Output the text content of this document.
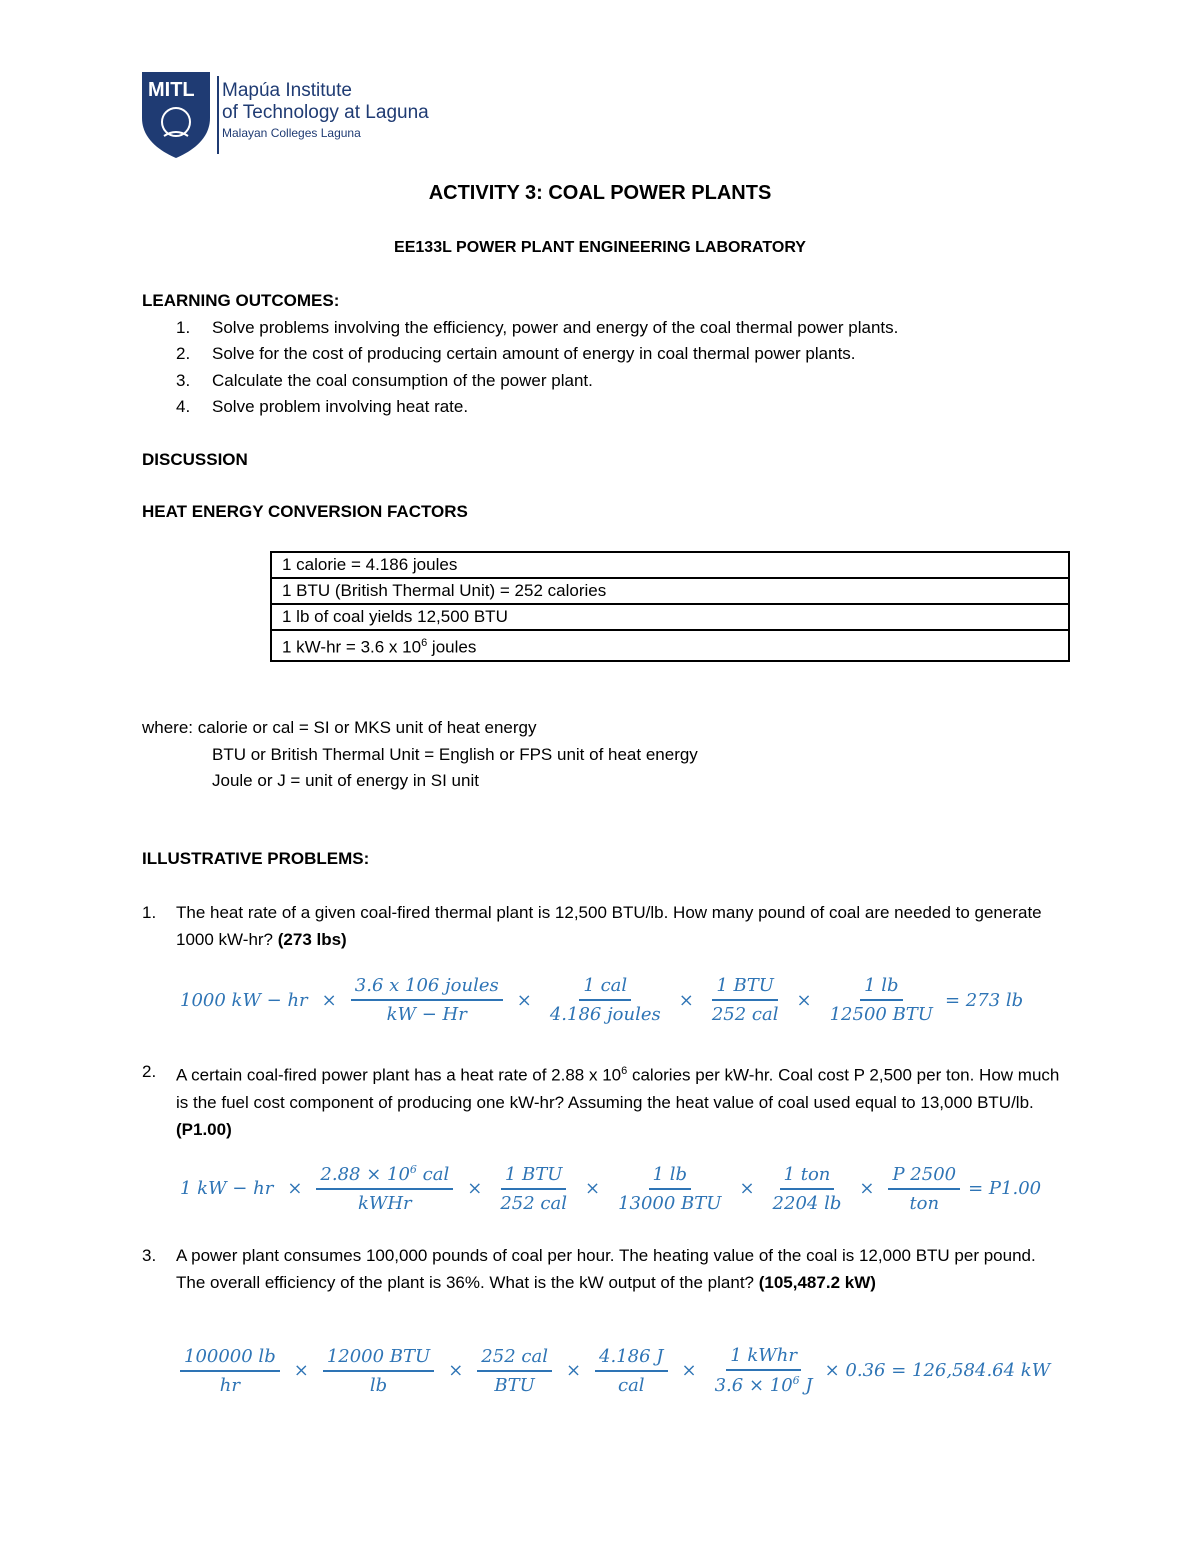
MITL Mapúa Institute
of Technology at Laguna
Malayan Colleges Laguna
ACTIVITY 3: COAL POWER PLANTS
EE133L POWER PLANT ENGINEERING LABORATORY
LEARNING OUTCOMES:
1. Solve problems involving the efficiency, power and energy of the coal thermal power plants.
2. Solve for the cost of producing certain amount of energy in coal thermal power plants.
3. Calculate the coal consumption of the power plant.
4. Solve problem involving heat rate.
DISCUSSION
HEAT ENERGY CONVERSION FACTORS
1 calorie = 4.186 joules
1 BTU (British Thermal Unit) = 252 calories
1 lb of coal yields 12,500 BTU
1 kW-hr = 3.6 x $10^6$ joules
where: calorie or cal = SI or MKS unit of heat energy
BTU or British Thermal Unit = English or FPS unit of heat energy
Joule or J = unit of energy in SI unit
ILLUSTRATIVE PROBLEMS:
1. The heat rate of a given coal-fired thermal plant is 12,500 BTU/lb. How many pound of coal are needed to generate 1000 kW-hr? (273 lbs)
1000 kW − hr × $\frac{\text{3.6 x 106 joules}}{kW - Hr} \times \frac{\text{1 cal}}{\text{4.186 joules}} \times \frac{\text{1 BTU}}{\text{252 cal}} \times \frac{1 lb}{\text{12500 BTU}} = 273$ lb
2. A certain coal-fired power plant has a heat rate of 2.88 x $10^6$ calories per kW-hr. Coal cost P 2,500 per ton. How much is the fuel cost component of producing one kW-hr? Assuming the heat value of coal used equal to 13,000 BTU/lb. (P1.00)
1 kW − hr × $\frac{2.88 \times 10^6 cal}{\text{kWHr}} \times \frac{\text{1 BTU}}{\text{252 cal}} \times \frac{1 lb}{\text{13000 BTU}} \times \frac{\text{1 ton}}{2204 lb} \times \frac{P 2500}{\text{ton}} = P1.00$
3. A power plant consumes 100,000 pounds of coal per hour. The heating value of the coal is 12,000 BTU per pound. The overall efficiency of the plant is 36%. What is the kW output of the plant? (105,487.2 kW)
$\frac{100000 lb}{hr} \times \frac{\text{12000 BTU}}{lb} \times \frac{\text{252 cal}}{\text{BTU}} \times \frac{4.186 J}{\text{cal}} \times \frac{\text{1 kWhr}}{3.6 \times 10^6 J} \times 0.36 = 126,584.64$ kW
